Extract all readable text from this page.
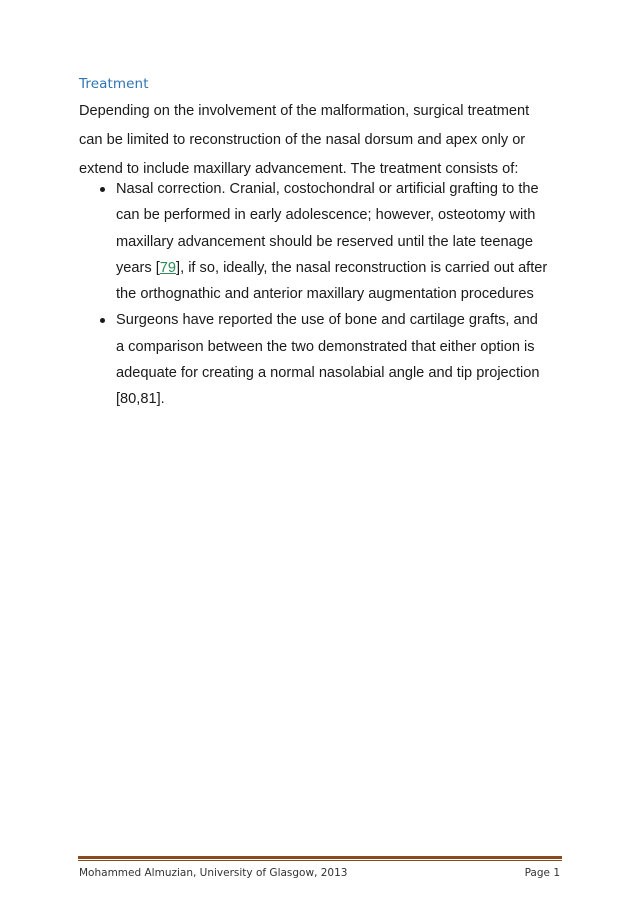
Treatment

Depending on the involvement of the malformation, surgical treatment
can be limited to reconstruction of the nasal dorsum and apex only or
extend to include maxillary advancement. The treatment consists of:

Nasal correction. Cranial, costochondral or artificial grafting to the
can be performed in early adolescence; however, osteotomy with
maxillary advancement should be reserved until the late teenage
years [79], if so, ideally, the nasal reconstruction is carried out after
the orthognathic and anterior maxillary augmentation procedures
Surgeons have reported the use of bone and cartilage grafts, and
a comparison between the two demonstrated that either option is
adequate for creating a normal nasolabial angle and tip projection
[80,81].
Mohammed Almuzian, University of Glasgow, 2013	Page 1
